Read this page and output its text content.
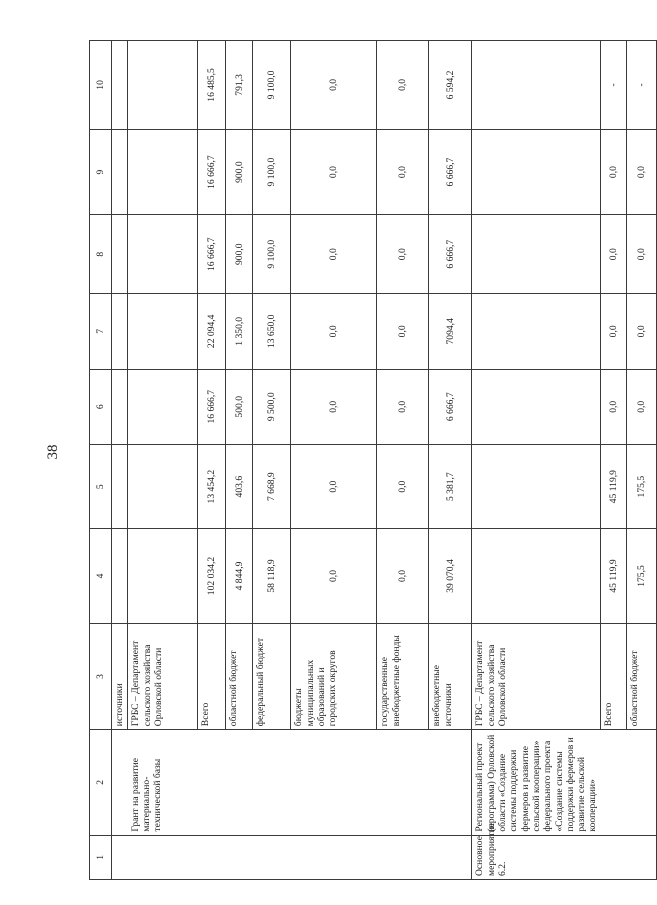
38
1	2	3	4	5	6	7	8	9	10
		источники							
	Грант на развитие материально-технической базы	ГРБС – Департамент сельского хозяйства Орловской области							
		Всего	102 034,2	13 454,2	16 666,7	22 094,4	16 666,7	16 666,7	16 485,5
		областной бюджет	4 844,9	403,6	500,0	1 350,0	900,0	900,0	791,3
		федеральный бюджет	58 118,9	7 668,9	9 500,0	13 650,0	9 100,0	9 100,0	9 100,0
		бюджеты муниципальных образований и городских округов	0,0	0,0	0,0	0,0	0,0	0,0	0,0
		государственные внебюджетные фонды	0,0	0,0	0,0	0,0	0,0	0,0	0,0
		внебюджетные источники	39 070,4	5 381,7	6 666,7	7094,4	6 666,7	6 666,7	6 594,2
Основное мероприятие 6.2.	Региональный проект (программа) Орловской области «Создание системы поддержки фермеров и развитие сельской кооперации» федерального проекта «Создание системы поддержки фермеров и развитие сельской кооперации»	ГРБС – Департамент сельского хозяйства Орловской области							
		Всего	45 119,9	45 119,9	0,0	0,0	0,0	0,0	-
		областной бюджет	175,5	175,5	0,0	0,0	0,0	0,0	-
